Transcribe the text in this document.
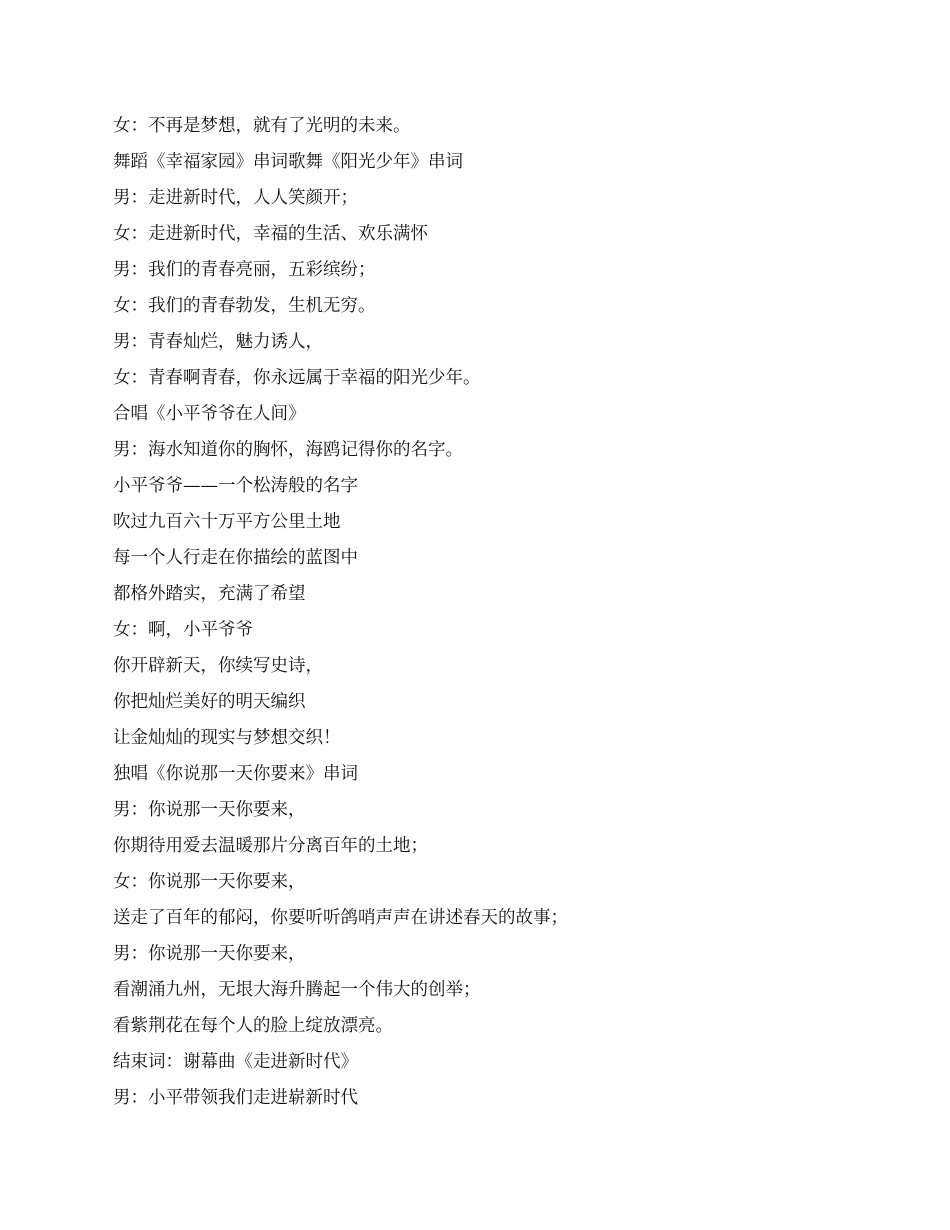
女：不再是梦想，就有了光明的未来。
舞蹈《幸福家园》串词歌舞《阳光少年》串词
男：走进新时代，人人笑颜开；
女：走进新时代，幸福的生活、欢乐满怀
男：我们的青春亮丽，五彩缤纷；
女：我们的青春勃发，生机无穷。
男：青春灿烂，魅力诱人，
女：青春啊青春，你永远属于幸福的阳光少年。
合唱《小平爷爷在人间》
男：海水知道你的胸怀，海鸥记得你的名字。
小平爷爷——一个松涛般的名字
吹过九百六十万平方公里土地
每一个人行走在你描绘的蓝图中
都格外踏实，充满了希望
女：啊，小平爷爷
你开辟新天，你续写史诗，
你把灿烂美好的明天编织
让金灿灿的现实与梦想交织！
独唱《你说那一天你要来》串词
男：你说那一天你要来，
你期待用爱去温暖那片分离百年的土地；
女：你说那一天你要来，
送走了百年的郁闷，你要听听鸽哨声声在讲述春天的故事；
男：你说那一天你要来，
看潮涌九州，无垠大海升腾起一个伟大的创举；
看紫荆花在每个人的脸上绽放漂亮。
结束词：谢幕曲《走进新时代》
男：小平带领我们走进崭新时代
